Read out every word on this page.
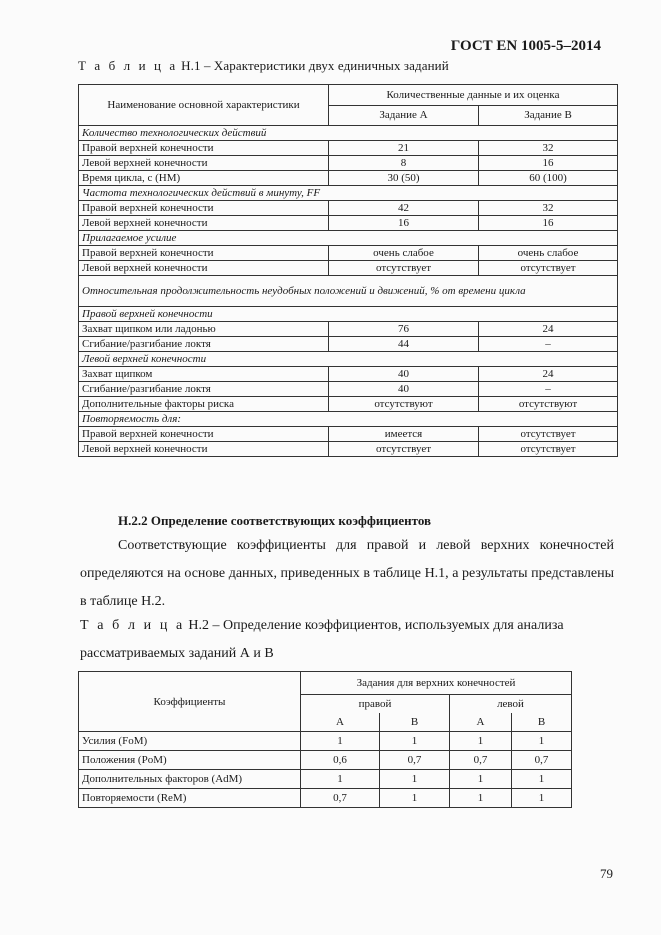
ГОСТ EN 1005-5–2014
Т а б л и ц а Н.1 – Характеристики двух единичных заданий
Наименование основной характеристики	Количественные данные и их оценка	
	Задание А	Задание В
Количество технологических действий		
Правой верхней конечности	21	32
Левой верхней конечности	8	16
Время цикла, с (НМ)	30 (50)	60 (100)
Частота технологических действий в минуту, FF		
Правой верхней конечности	42	32
Левой верхней конечности	16	16
Прилагаемое усилие		
Правой верхней конечности	очень слабое	очень слабое
Левой верхней конечности	отсутствует	отсутствует
Относительная продолжительность неудобных положений и движений, % от времени цикла		
Правой верхней конечности		
Захват щипком или ладонью	76	24
Сгибание/разгибание локтя	44	–
Левой верхней конечности		
Захват щипком	40	24
Сгибание/разгибание локтя	40	–
Дополнительные факторы риска	отсутствуют	отсутствуют
Повторяемость для:		
Правой верхней конечности	имеется	отсутствует
Левой верхней конечности	отсутствует	отсутствует
Н.2.2 Определение соответствующих коэффициентов
Соответствующие коэффициенты для правой и левой верхних конечностей определяются на основе данных, приведенных в таблице Н.1, а результаты представлены в таблице Н.2.
Т а б л и ц а Н.2 – Определение коэффициентов, используемых для анализа рассматриваемых заданий А и В
Коэффициенты	Задания для верхних конечностей			
	правой		левой	
	А	В	А	В
Усилия (FoM)	1	1	1	1
Положения (PoM)	0,6	0,7	0,7	0,7
Дополнительных факторов (AdM)	1	1	1	1
Повторяемости (ReM)	0,7	1	1	1
79
